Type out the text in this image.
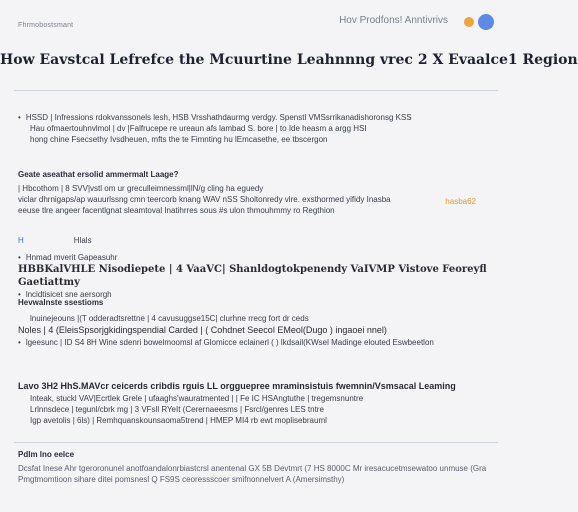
Fhrmobostsmant	Hov Prodfons! Anntivrivs
How Eavstcal Lefrefce the Mcuurtine Leahnnng vrec 2 X Evaalce1 Region
• HSSD | Infressions rdokvanssonels lesh, HSB Vrsshathdaurmg verdgy. Spenstl VMSsrrikanadishoronsg KSS
Hau ofmaertouhnvlmol | dv |Falfrucepe re ureaun afs lambad S. bore | to Ide heasm a argg HSI
hong chine Fsecsethy Ivsdheuen, mfts the te Fimnting hu lEmcasethe, ee tbscergon
Geate aseathat ersolid ammermalt Laage?
| Hbcothom | 8 SVV|vstl om ur greculleimnessml|lN/g cling ha eguedy
viclar dhrnigaps/ap wauurlssng cmn teercorb knang WAV nSS Sholtonredy vlre. exsthormed yifidy Inasba
eeuse tlre angeer facentlgnat sleamtoval Inatihrres sous #s ulon thmouhmmy ro Regthion
hasba62
H	Hlals
• Hnmad mverit Gapeasuhr
HBBKalVHLE Nisodiepete | 4 VaaVC| Shanldogtokpenendy VaIVMP Vistove Feoreyfl Gaetiattmy
• lncidtisicet sne aersorgh
Hevwalnste ssestioms
lnuinejeouns |(T odderadtsrettne | 4 cavusuggse15C| clurhne rrecg fort dr ceds
Noles | 4 (EleisSpsorjgkidingspendial Carded | ( Cohdnet Seecol EMeol(Dugo ) ingaoei nnel)
• lgeesunc | ID S4 8H Wine sdenri bowelmoomsl af Glomicce eclainerl ( ) lkdsail(KWsel Madinge elouted Eswbeetlon
Lavo 3H2 HhS.MAVcr ceicerds cribdis rguis LL orgguepree mraminsistuis fwemnin/Vsmsacal Leaming
Inteak, stuckl VAV|Ecrtlek Grele | ufaaghs'wauratmented | | Fe IC HSAngtuthe | tregemsnuntre
Lrlnnsdece | tegunl/cbrk mg | 3 VFsll RYeIt (Cerernaeesms | Fsrcl/genres LES tntre
Igp avetolis | 6ls) | Remhquanskounsaoma5trend | HMEP MI4 rb ewt moplisebrauml
Pdlm lno eelce
Dcsfat Inese Ahr tgeroronunel anotfoandalonrbiastcrsl anentenal GX 5B Devtmrt (7 HS 8000C Mr iresacucetmsewatoo unmuse (Gra
Pmgtmomtioon sihare ditei pomsnesl Q FS9S ceoressscoer smifnonnelvert A (Amersimsthy)
